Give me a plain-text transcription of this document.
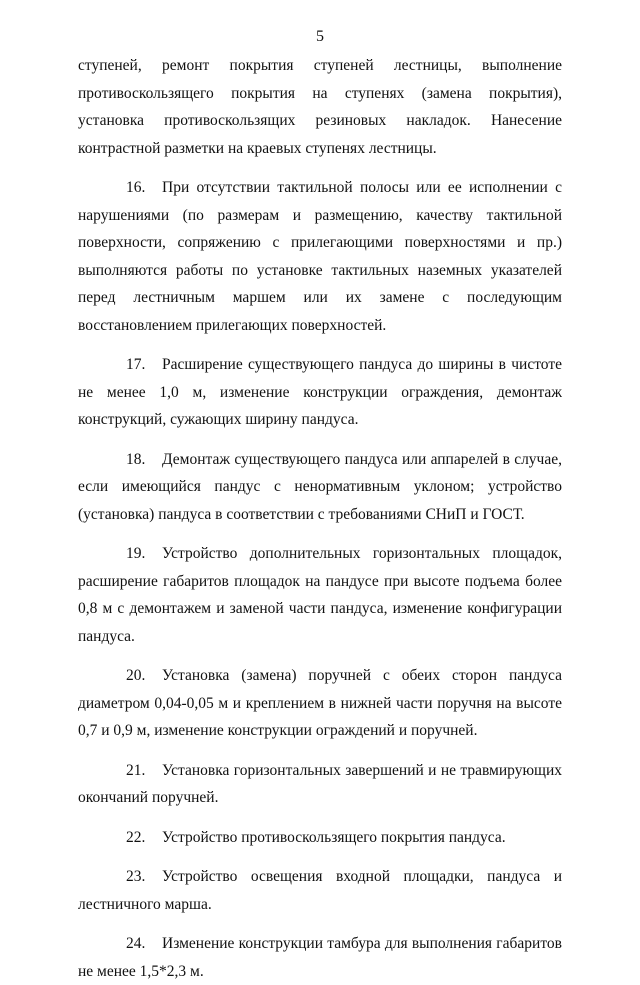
5

ступеней, ремонт покрытия ступеней лестницы, выполнение противоскользящего покрытия на ступенях (замена покрытия), установка противоскользящих резиновых накладок. Нанесение контрастной разметки на краевых ступенях лестницы.

16. При отсутствии тактильной полосы или ее исполнении с нарушениями (по размерам и размещению, качеству тактильной поверхности, сопряжению с прилегающими поверхностями и пр.) выполняются работы по установке тактильных наземных указателей перед лестничным маршем или их замене с последующим восстановлением прилегающих поверхностей.

17. Расширение существующего пандуса до ширины в чистоте не менее 1,0 м, изменение конструкции ограждения, демонтаж конструкций, сужающих ширину пандуса.

18. Демонтаж существующего пандуса или аппарелей в случае, если имеющийся пандус с ненормативным уклоном; устройство (установка) пандуса в соответствии с требованиями СНиП и ГОСТ.

19. Устройство дополнительных горизонтальных площадок, расширение габаритов площадок на пандусе при высоте подъема более 0,8 м с демонтажем и заменой части пандуса, изменение конфигурации пандуса.

20. Установка (замена) поручней с обеих сторон пандуса диаметром 0,04-0,05 м и креплением в нижней части поручня на высоте 0,7 и 0,9 м, изменение конструкции ограждений и поручней.

21. Установка горизонтальных завершений и не травмирующих окончаний поручней.

22. Устройство противоскользящего покрытия пандуса.

23. Устройство освещения входной площадки, пандуса и лестничного марша.

24. Изменение конструкции тамбура для выполнения габаритов не менее 1,5*2,3 м.
